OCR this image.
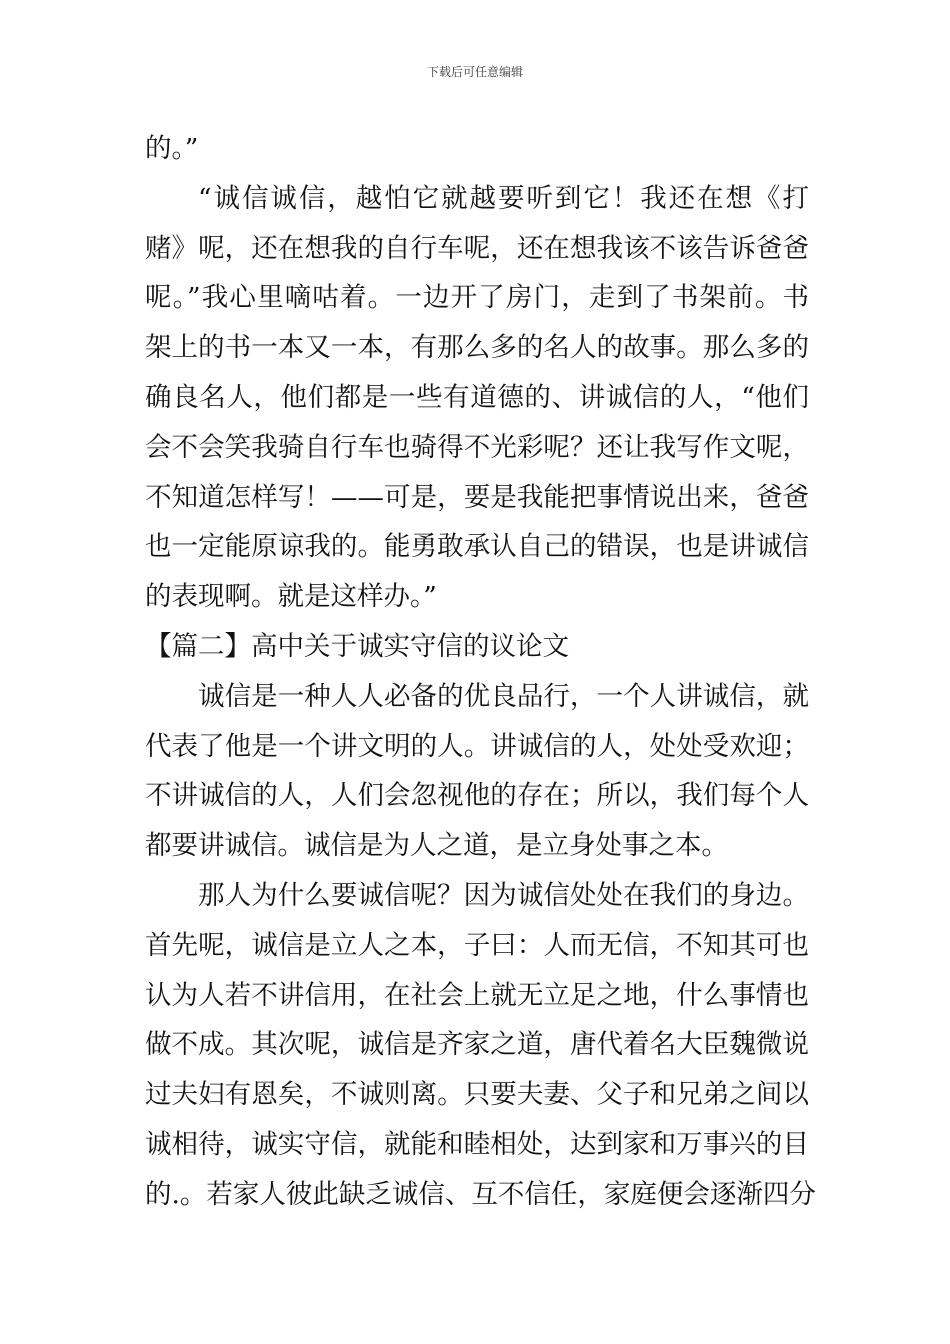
下载后可任意编辑
的。”
“诚信诚信，越怕它就越要听到它！我还在想《打
赌》呢，还在想我的自行车呢，还在想我该不该告诉爸爸
呢。”我心里嘀咕着。一边开了房门，走到了书架前。书
架上的书一本又一本，有那么多的名人的故事。那么多的
确良名人，他们都是一些有道德的、讲诚信的人，“他们
会不会笑我骑自行车也骑得不光彩呢？还让我写作文呢，
不知道怎样写！——可是，要是我能把事情说出来，爸爸
也一定能原谅我的。能勇敢承认自己的错误，也是讲诚信
的表现啊。就是这样办。”
【篇二】高中关于诚实守信的议论文
诚信是一种人人必备的优良品行，一个人讲诚信，就
代表了他是一个讲文明的人。讲诚信的人，处处受欢迎；
不讲诚信的人，人们会忽视他的存在；所以，我们每个人
都要讲诚信。诚信是为人之道，是立身处事之本。
那人为什么要诚信呢？因为诚信处处在我们的身边。
首先呢，诚信是立人之本，子曰：人而无信，不知其可也
认为人若不讲信用，在社会上就无立足之地，什么事情也
做不成。其次呢，诚信是齐家之道，唐代着名大臣魏微说
过夫妇有恩矣，不诚则离。只要夫妻、父子和兄弟之间以
诚相待，诚实守信，就能和睦相处，达到家和万事兴的目
的.。若家人彼此缺乏诚信、互不信任，家庭便会逐渐四分
